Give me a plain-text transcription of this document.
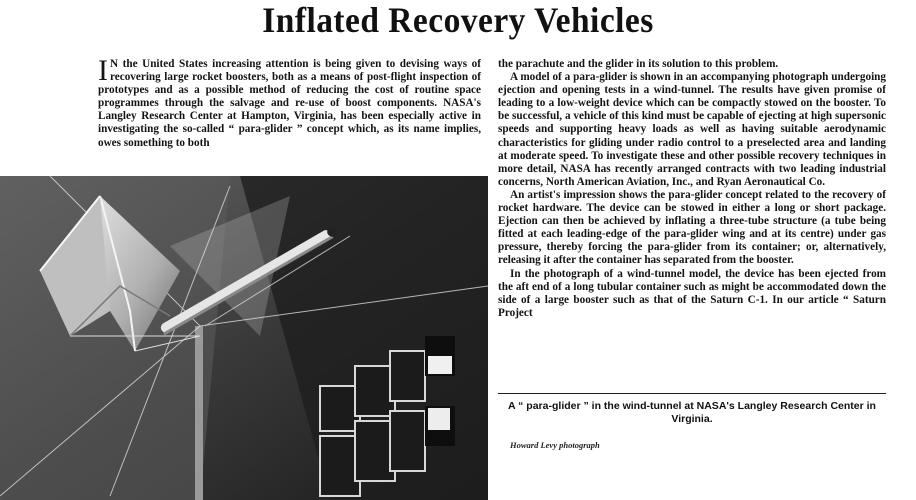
Inflated Recovery Vehicles
I N the United States increasing attention is being given to devising ways of recovering large rocket boosters, both as a means of post-flight inspection of prototypes and as a possible method of reducing the cost of routine space programmes through the salvage and re-use of boost components. NASA's Langley Research Center at Hampton, Virginia, has been especially active in investigating the so-called “ para-glider ” concept which, as its name implies, owes something to both

the parachute and the glider in its solution to this problem.

A model of a para-glider is shown in an accompanying photograph undergoing ejection and opening tests in a wind-tunnel. The results have given promise of leading to a low-weight device which can be compactly stowed on the booster. To be successful, a vehicle of this kind must be capable of ejecting at high supersonic speeds and supporting heavy loads as well as having suitable aerodynamic characteristics for gliding under radio control to a preselected area and landing at moderate speed. To investigate these and other possible recovery techniques in more detail, NASA has recently arranged contracts with two leading industrial concerns, North American Aviation, Inc., and Ryan Aeronautical Co.

An artist's impression shows the para-glider concept related to the recovery of rocket hardware. The device can be stowed in either a long or short package. Ejection can then be achieved by inflating a three-tube structure (a tube being fitted at each leading-edge of the para-glider wing and at its centre) under gas pressure, thereby forcing the para-glider from its container; or, alternatively, releasing it after the container has separated from the booster.

In the photograph of a wind-tunnel model, the device has been ejected from the aft end of a long tubular container such as might be accommodated down the side of a large booster such as that of the Saturn C-1. In our article “ Saturn Project

A “ para-glider ” in the wind-tunnel at NASA's Langley Research Center in Virginia.
Howard Levy photograph
